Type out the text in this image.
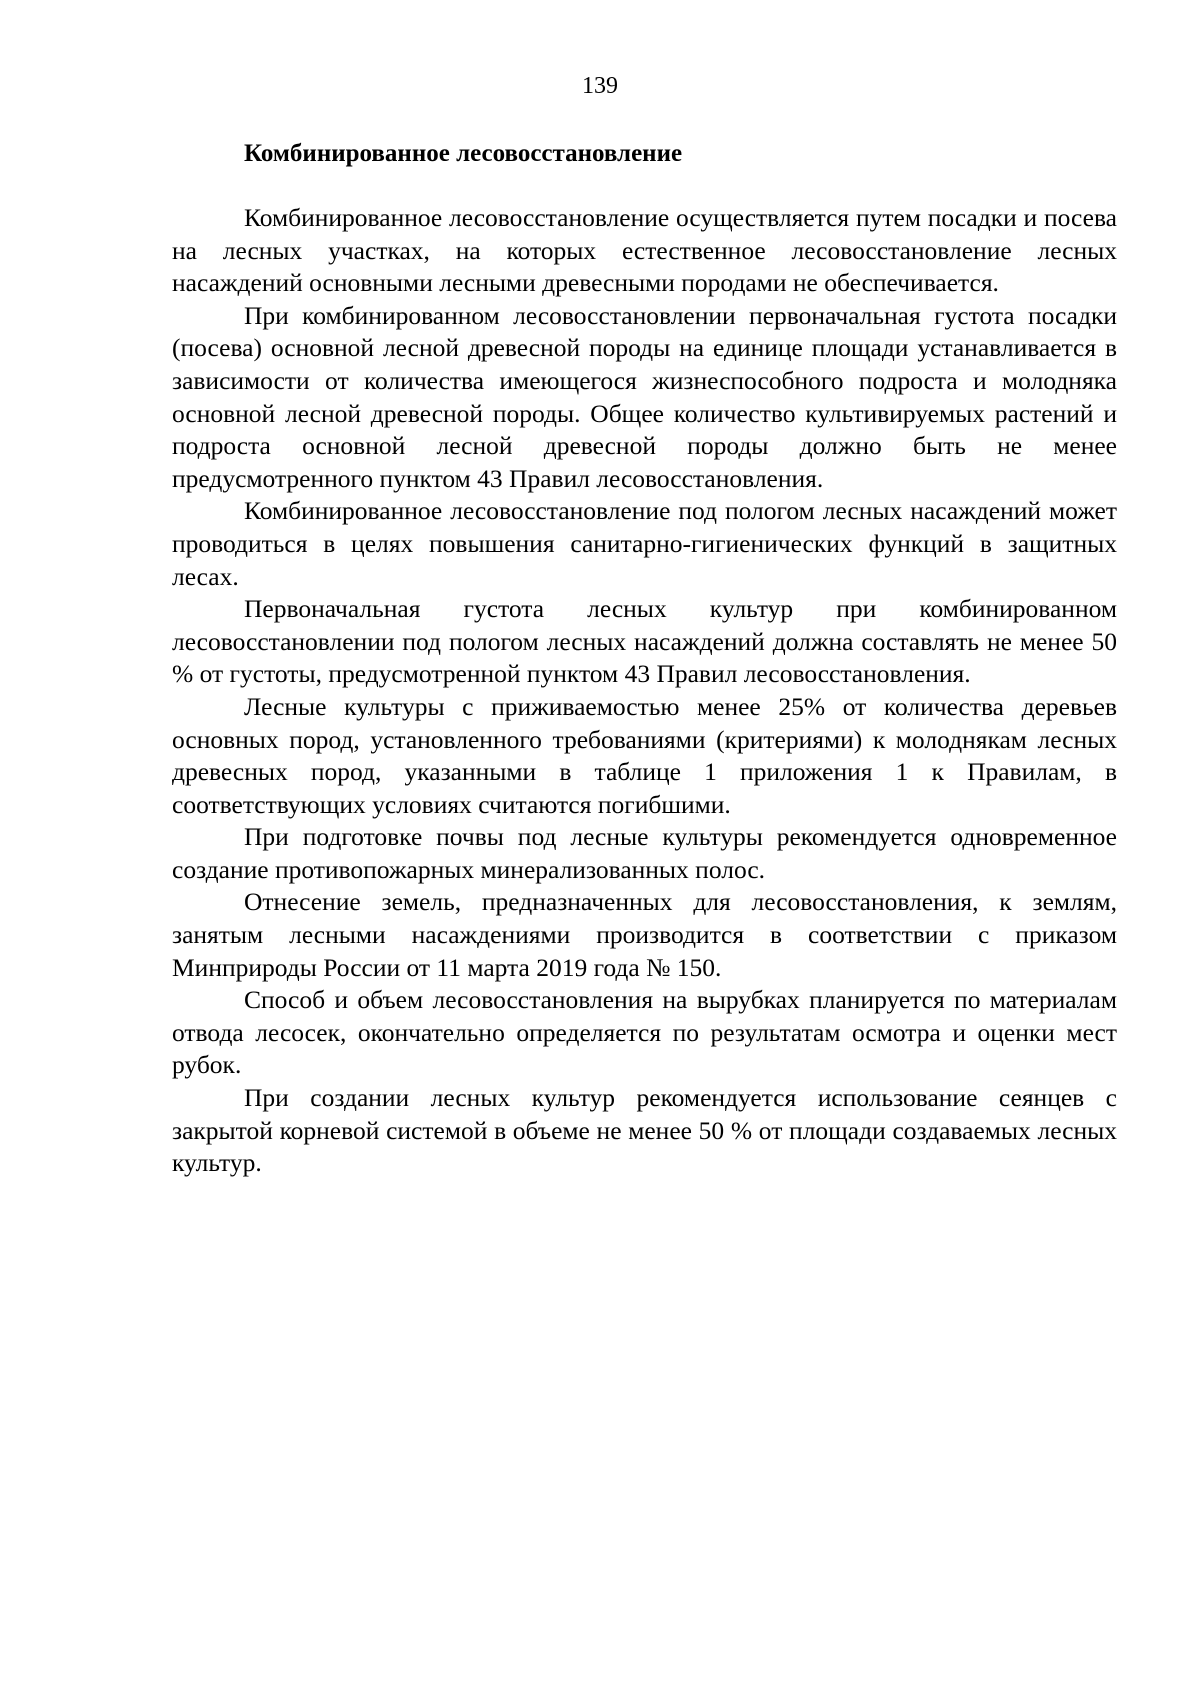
139
Комбинированное лесовосстановление

Комбинированное лесовосстановление осуществляется путем посадки и посева на лесных участках, на которых естественное лесовосстановление лесных насаждений основными лесными древесными породами не обеспечивается.

При комбинированном лесовосстановлении первоначальная густота посадки (посева) основной лесной древесной породы на единице площади устанавливается в зависимости от количества имеющегося жизнеспособного подроста и молодняка основной лесной древесной породы. Общее количество культивируемых растений и подроста основной лесной древесной породы должно быть не менее предусмотренного пунктом 43 Правил лесовосстановления.

Комбинированное лесовосстановление под пологом лесных насаждений может проводиться в целях повышения санитарно-гигиенических функций в защитных лесах.

Первоначальная густота лесных культур при комбинированном лесовосстановлении под пологом лесных насаждений должна составлять не менее 50 % от густоты, предусмотренной пунктом 43 Правил лесовосстановления.

Лесные культуры с приживаемостью менее 25% от количества деревьев основных пород, установленного требованиями (критериями) к молоднякам лесных древесных пород, указанными в таблице 1 приложения 1 к Правилам, в соответствующих условиях считаются погибшими.

При подготовке почвы под лесные культуры рекомендуется одновременное создание противопожарных минерализованных полос.

Отнесение земель, предназначенных для лесовосстановления, к землям, занятым лесными насаждениями производится в соответствии с приказом Минприроды России от 11 марта 2019 года № 150.

Способ и объем лесовосстановления на вырубках планируется по материалам отвода лесосек, окончательно определяется по результатам осмотра и оценки мест рубок.

При создании лесных культур рекомендуется использование сеянцев с закрытой корневой системой в объеме не менее 50 % от площади создаваемых лесных культур.
